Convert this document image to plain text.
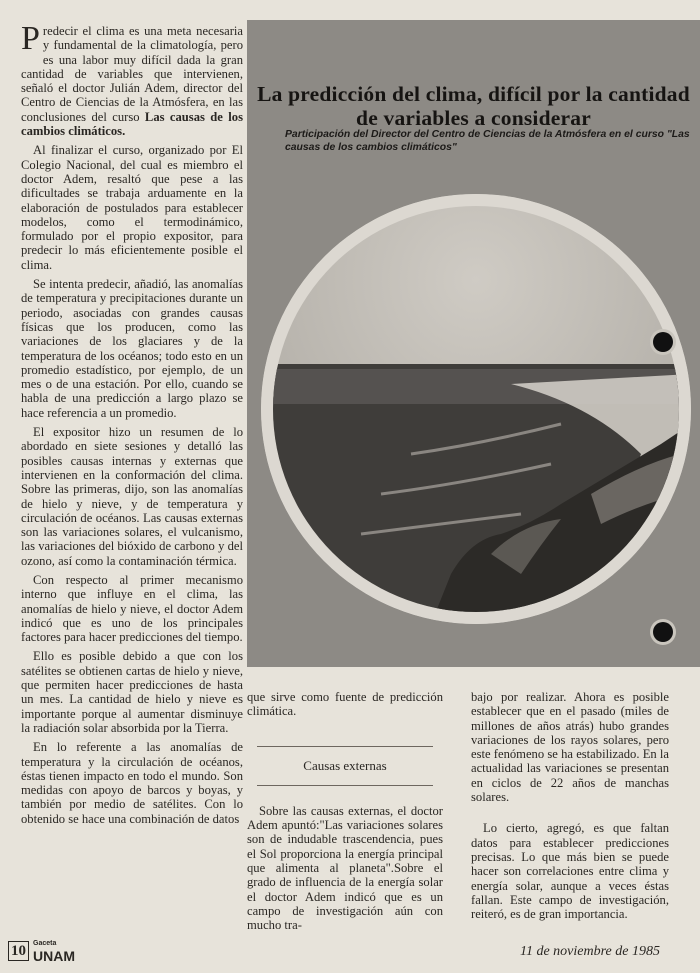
Predecir el clima es una meta necesaria y fundamental de la climatología, pero es una labor muy difícil dada la gran cantidad de variables que intervienen, señaló el doctor Julián Adem, director del Centro de Ciencias de la Atmósfera, en las conclusiones del curso Las causas de los cambios climáticos.

Al finalizar el curso, organizado por El Colegio Nacional, del cual es miembro el doctor Adem, resaltó que pese a las dificultades se trabaja arduamente en la elaboración de postulados para establecer modelos, como el termodinámico, formulado por el propio expositor, para predecir lo más eficientemente posible el clima.

Se intenta predecir, añadió, las anomalías de temperatura y precipitaciones durante un periodo, asociadas con grandes causas físicas que los producen, como las variaciones de los glaciares y de la temperatura de los océanos; todo esto en un promedio estadístico, por ejemplo, de un mes o de una estación. Por ello, cuando se habla de una predicción a largo plazo se hace referencia a un promedio.

El expositor hizo un resumen de lo abordado en siete sesiones y detalló las posibles causas internas y externas que intervienen en la conformación del clima. Sobre las primeras, dijo, son las anomalías de hielo y nieve, y de temperatura y circulación de océanos. Las causas externas son las variaciones solares, el vulcanismo, las variaciones del bióxido de carbono y del ozono, así como la contaminación térmica.

Con respecto al primer mecanismo interno que influye en el clima, las anomalías de hielo y nieve, el doctor Adem indicó que es uno de los principales factores para hacer predicciones del tiempo.

Ello es posible debido a que con los satélites se obtienen cartas de hielo y nieve, que permiten hacer predicciones de hasta un mes. La cantidad de hielo y nieve es importante porque al aumentar disminuye la radiación solar absorbida por la Tierra.

En lo referente a las anomalías de temperatura y la circulación de océanos, éstas tienen impacto en todo el mundo. Son medidas con apoyo de barcos y boyas, y también por medio de satélites. Con lo obtenido se hace una combinación de datos

La predicción del clima, difícil por la cantidad de variables a considerar
Participación del Director del Centro de Ciencias de la Atmósfera en el curso "Las causas de los cambios climáticos"

que sirve como fuente de predicción climática.

Causas externas

Sobre las causas externas, el doctor Adem apuntó:"Las variaciones solares son de indudable trascendencia, pues el Sol proporciona la energía principal que alimenta al planeta".Sobre el grado de influencia de la energía solar el doctor Adem indicó que es un campo de investigación aún con mucho tra-

bajo por realizar. Ahora es posible establecer que en el pasado (miles de millones de años atrás) hubo grandes variaciones de los rayos solares, pero este fenómeno se ha estabilizado. En la actualidad las variaciones se presentan en ciclos de 22 años de manchas solares.

Lo cierto, agregó, es que faltan datos para establecer predicciones precisas. Lo que más bien se puede hacer son correlaciones entre clima y energía solar, aunque a veces éstas fallan. Este campo de investigación, reiteró, es de gran importancia.

10	Gaceta
UNAM	11 de noviembre de 1985
